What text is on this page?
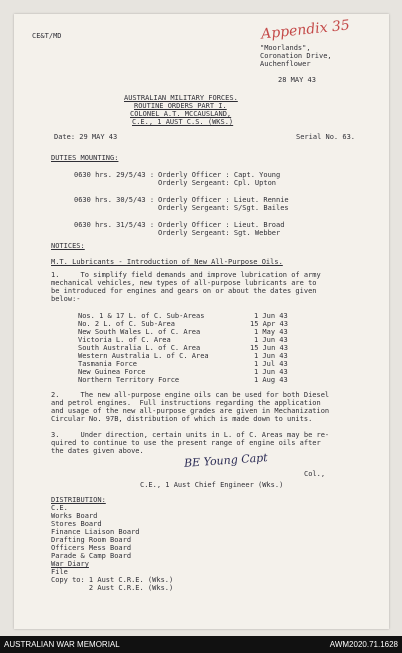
CE&T/MD	Appendix 35
"Moorlands",
Coronation Drive,
Auchenflower
28 MAY 43
AUSTRALIAN MILITARY FORCES.
ROUTINE ORDERS PART I.
COLONEL A.T. MCCAUSLAND,
C.E., 1 AUST C.S. (WKS.)
Date: 29 MAY 43	Serial No. 63.
DUTIES MOUNTING:
0630 hrs. 29/5/43 : Orderly Officer : Capt. Young
Orderly Sergeant: Cpl. Upton
0630 hrs. 30/5/43 : Orderly Officer : Lieut. Rennie
Orderly Sergeant: S/Sgt. Bailes
0630 hrs. 31/5/43 : Orderly Officer : Lieut. Broad
Orderly Sergeant: Sgt. Webber
NOTICES:
M.T. Lubricants - Introduction of New All-Purpose Oils.
1.     To simplify field demands and improve lubrication of army
mechanical vehicles, new types of all-purpose lubricants are to
be introduced for engines and gears on or about the dates given
below:-
Nos. 1 & 17 L. of C. Sub-Areas	1 Jun 43
No. 2 L. of C. Sub-Area	15 Apr 43
New South Wales L. of C. Area	1 May 43
Victoria L. of C. Area	1 Jun 43
South Australia L. of C. Area	15 Jun 43
Western Australia L. of C. Area	1 Jun 43
Tasmania Force	1 Jul 43
New Guinea Force	1 Jun 43
Northern Territory Force	1 Aug 43
2.     The new all-purpose engine oils can be used for both Diesel
and petrol engines.  Full instructions regarding the application
and usage of the new all-purpose grades are given in Mechanization
Circular No. 97B, distribution of which is made down to units.
3.     Under direction, certain units in L. of C. Areas may be re-
quired to continue to use the present range of engine oils after
the dates given above.
BE Young Capt
Col.,
C.E., 1 Aust Chief Engineer (Wks.)
DISTRIBUTION:
C.E.
Works Board
Stores Board
Finance Liaison Board
Drafting Room Board
Officers Mess Board
Parade & Camp Board
War Diary
File
Copy to: 1 Aust C.R.E. (Wks.)
2 Aust C.R.E. (Wks.)
AUSTRALIAN WAR MEMORIAL	AWM2020.71.1628
